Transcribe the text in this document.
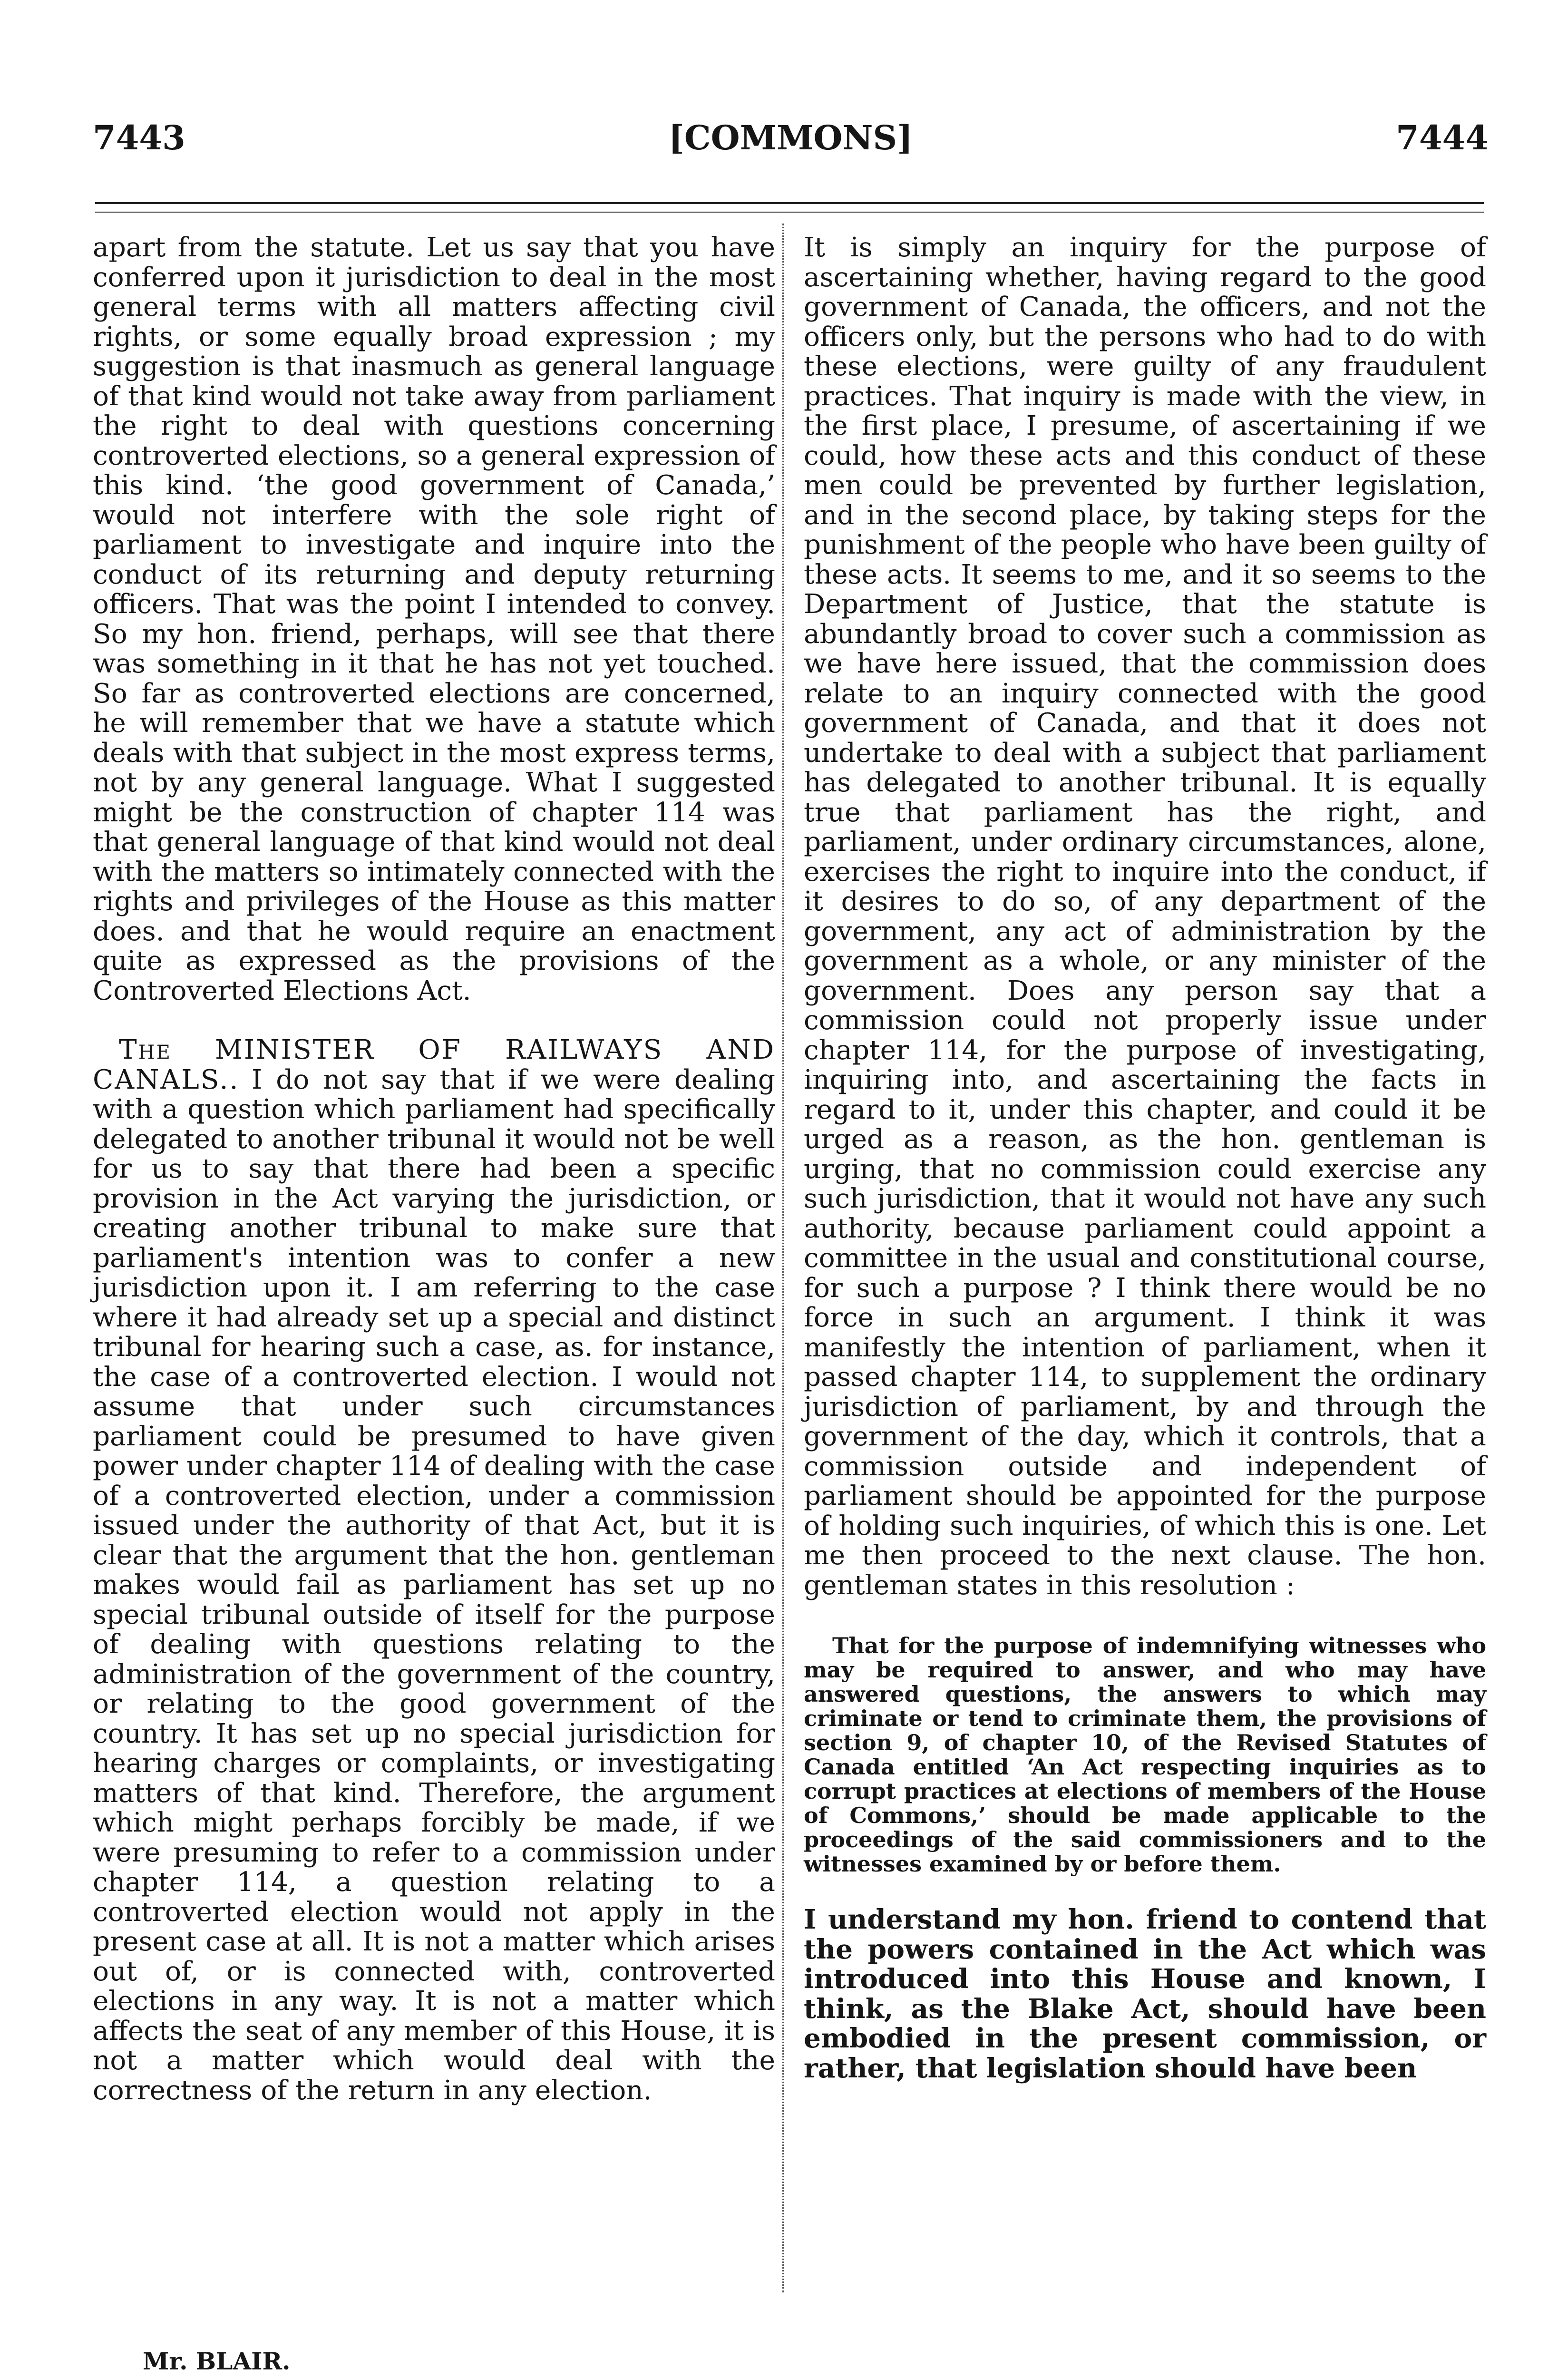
7443	[COMMONS]	7444

apart from the statute. Let us say that you have conferred upon it jurisdiction to deal in the most general terms with all matters affecting civil rights, or some equally broad expression ; my suggestion is that inasmuch as general language of that kind would not take away from parliament the right to deal with questions concerning controverted elections, so a general expression of this kind. ‘the good government of Canada,’ would not interfere with the sole right of parliament to investigate and inquire into the conduct of its returning and deputy returning officers. That was the point I intended to convey. So my hon. friend, perhaps, will see that there was something in it that he has not yet touched. So far as controverted elections are concerned, he will remember that we have a statute which deals with that subject in the most express terms, not by any general language. What I suggested might be the construction of chapter 114 was that general language of that kind would not deal with the matters so intimately connected with the rights and privileges of the House as this matter does. and that he would require an enactment quite as expressed as the provisions of the Controverted Elections Act.

The MINISTER OF RAILWAYS AND CANALS.. I do not say that if we were dealing with a question which parliament had specifically delegated to another tribunal it would not be well for us to say that there had been a specific provision in the Act varying the jurisdiction, or creating another tribunal to make sure that parliament's intention was to confer a new jurisdiction upon it. I am referring to the case where it had already set up a special and distinct tribunal for hearing such a case, as. for instance, the case of a controverted election. I would not assume that under such circumstances parliament could be presumed to have given power under chapter 114 of dealing with the case of a controverted election, under a commission issued under the authority of that Act, but it is clear that the argument that the hon. gentleman makes would fail as parliament has set up no special tribunal outside of itself for the purpose of dealing with questions relating to the administration of the government of the country, or relating to the good government of the country. It has set up no special jurisdiction for hearing charges or complaints, or investigating matters of that kind. Therefore, the argument which might perhaps forcibly be made, if we were presuming to refer to a commission under chapter 114, a question relating to a controverted election would not apply in the present case at all. It is not a matter which arises out of, or is connected with, controverted elections in any way. It is not a matter which affects the seat of any member of this House, it is not a matter which would deal with the correctness of the return in any election.

It is simply an inquiry for the purpose of ascertaining whether, having regard to the good government of Canada, the officers, and not the officers only, but the persons who had to do with these elections, were guilty of any fraudulent practices. That inquiry is made with the view, in the first place, I presume, of ascertaining if we could, how these acts and this conduct of these men could be prevented by further legislation, and in the second place, by taking steps for the punishment of the people who have been guilty of these acts. It seems to me, and it so seems to the Department of Justice, that the statute is abundantly broad to cover such a commission as we have here issued, that the commission does relate to an inquiry connected with the good government of Canada, and that it does not undertake to deal with a subject that parliament has delegated to another tribunal. It is equally true that parliament has the right, and parliament, under ordinary circumstances, alone, exercises the right to inquire into the conduct, if it desires to do so, of any department of the government, any act of administration by the government as a whole, or any minister of the government. Does any person say that a commission could not properly issue under chapter 114, for the purpose of investigating, inquiring into, and ascertaining the facts in regard to it, under this chapter, and could it be urged as a reason, as the hon. gentleman is urging, that no commission could exercise any such jurisdiction, that it would not have any such authority, because parliament could appoint a committee in the usual and constitutional course, for such a purpose ? I think there would be no force in such an argument. I think it was manifestly the intention of parliament, when it passed chapter 114, to supplement the ordinary jurisdiction of parliament, by and through the government of the day, which it controls, that a commission outside and independent of parliament should be appointed for the purpose of holding such inquiries, of which this is one. Let me then proceed to the next clause. The hon. gentleman states in this resolution :

That for the purpose of indemnifying witnesses who may be required to answer, and who may have answered questions, the answers to which may criminate or tend to criminate them, the provisions of section 9, of chapter 10, of the Revised Statutes of Canada entitled ‘An Act respecting inquiries as to corrupt practices at elections of members of the House of Commons,’ should be made applicable to the proceedings of the said commissioners and to the witnesses examined by or before them.

I understand my hon. friend to contend that the powers contained in the Act which was introduced into this House and known, I think, as the Blake Act, should have been embodied in the present commission, or rather, that legislation should have been

Mr. BLAIR.
